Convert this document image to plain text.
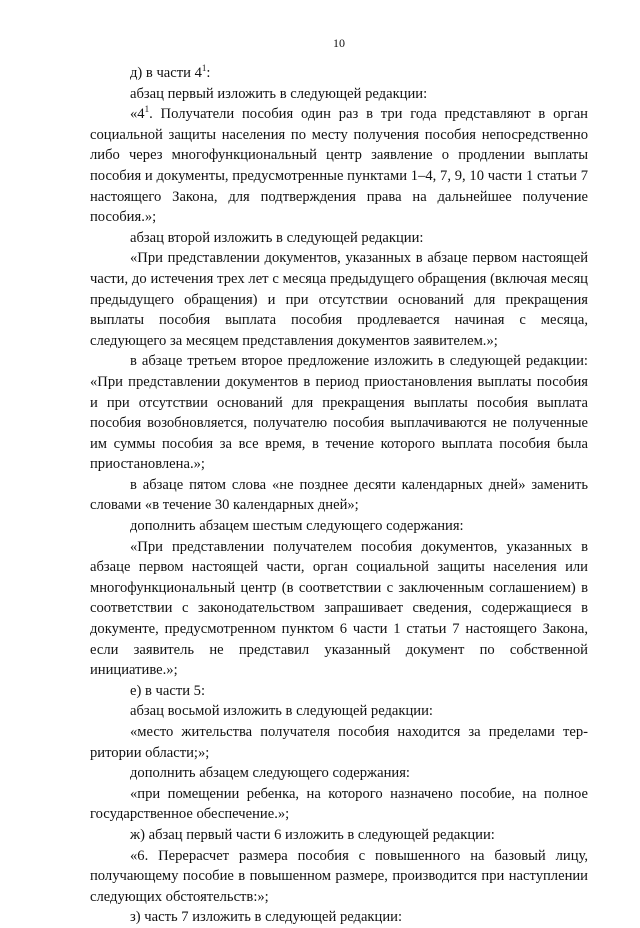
10

д) в части $4^1$:

абзац первый изложить в следующей редакции:

«$4^1$. Получатели пособия один раз в три года представляют в орган социальной защиты населения по месту получения пособия непосредственно либо через многофункциональный центр заявление о продлении выплаты пособия и документы, предусмотренные пунктами 1–4, 7, 9, 10 части 1 статьи 7 настоящего Закона, для подтверждения права на дальнейшее получение пособия.»;

абзац второй изложить в следующей редакции:

«При представлении документов, указанных в абзаце первом настоящей части, до истечения трех лет с месяца предыдущего обращения (включая месяц предыдущего обращения) и при отсутствии оснований для прекращения выплаты пособия выплата пособия продлевается начиная с месяца, следующего за месяцем представления документов заявителем.»;

в абзаце третьем второе предложение изложить в следующей редакции: «При представлении документов в период приостановления выплаты пособия и при отсутствии оснований для прекращения выплаты пособия выплата пособия возобновляется, получателю пособия выплачиваются не полученные им суммы пособия за все время, в течение которого выплата пособия была приостановлена.»;

в абзаце пятом слова «не позднее десяти календарных дней» заменить словами «в течение 30 календарных дней»;

дополнить абзацем шестым следующего содержания:

«При представлении получателем пособия документов, указанных в абзаце первом настоящей части, орган социальной защиты населения или многофункциональный центр (в соответствии с заключенным соглашением) в соответствии с законодательством запрашивает сведения, содержащиеся в документе, предусмотренном пунктом 6 части 1 статьи 7 настоящего Закона, если заявитель не представил указанный документ по собственной инициативе.»;

е) в части 5:

абзац восьмой изложить в следующей редакции:

«место жительства получателя пособия находится за пределами территории области;»;

дополнить абзацем следующего содержания:

«при помещении ребенка, на которого назначено пособие, на полное государственное обеспечение.»;

ж) абзац первый части 6 изложить в следующей редакции:

«6. Перерасчет размера пособия с повышенного на базовый лицу, получающему пособие в повышенном размере, производится при наступлении следующих обстоятельств:»;

з) часть 7 изложить в следующей редакции:
